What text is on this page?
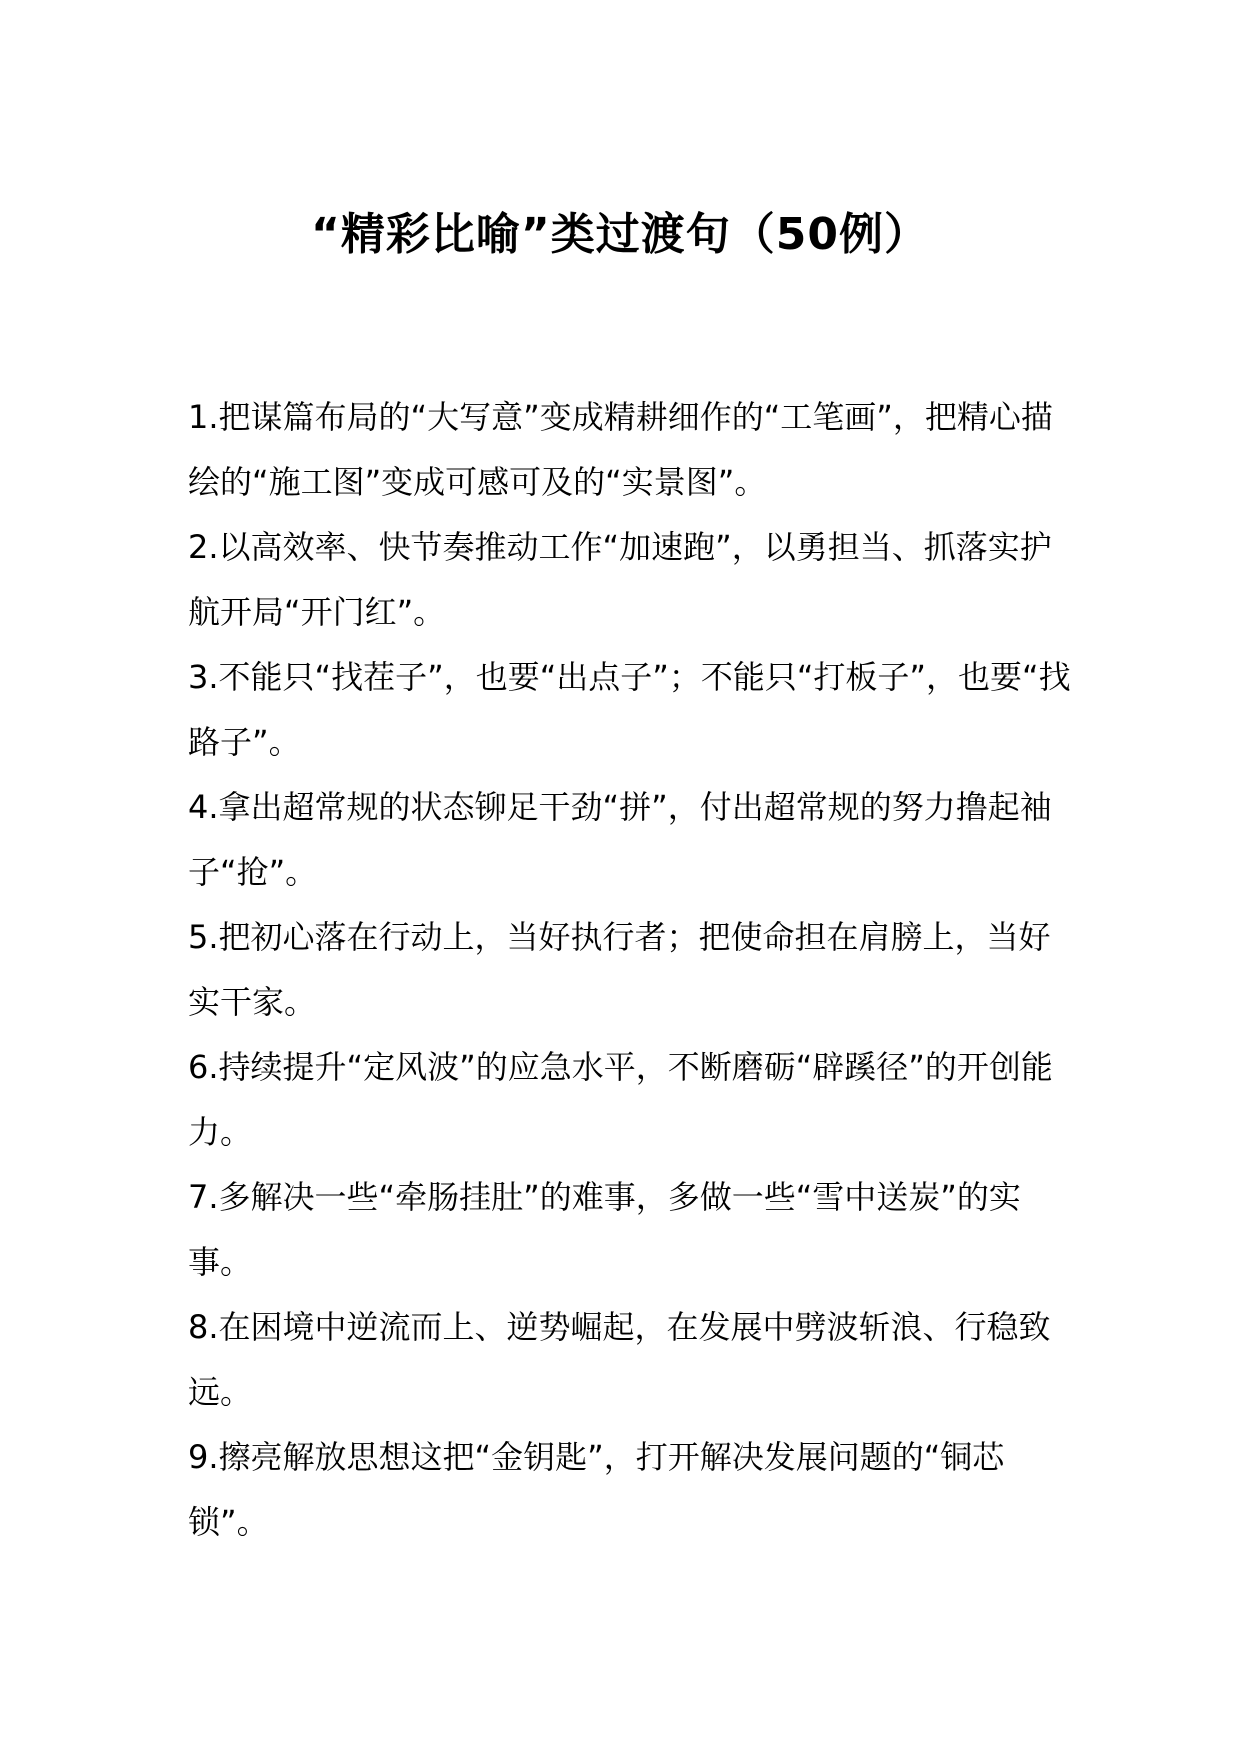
“精彩比喻”类过渡句（50例）

1.把谋篇布局的“大写意”变成精耕细作的“工笔画”，把精心描绘的“施工图”变成可感可及的“实景图”。

2.以高效率、快节奏推动工作“加速跑”，以勇担当、抓落实护航开局“开门红”。

3.不能只“找茬子”，也要“出点子”；不能只“打板子”，也要“找路子”。

4.拿出超常规的状态铆足干劲“拼”，付出超常规的努力撸起袖子“抢”。

5.把初心落在行动上，当好执行者；把使命担在肩膀上，当好实干家。

6.持续提升“定风波”的应急水平，不断磨砺“辟蹊径”的开创能力。

7.多解决一些“牵肠挂肚”的难事，多做一些“雪中送炭”的实事。

8.在困境中逆流而上、逆势崛起，在发展中劈波斩浪、行稳致远。

9.擦亮解放思想这把“金钥匙”，打开解决发展问题的“铜芯锁”。
